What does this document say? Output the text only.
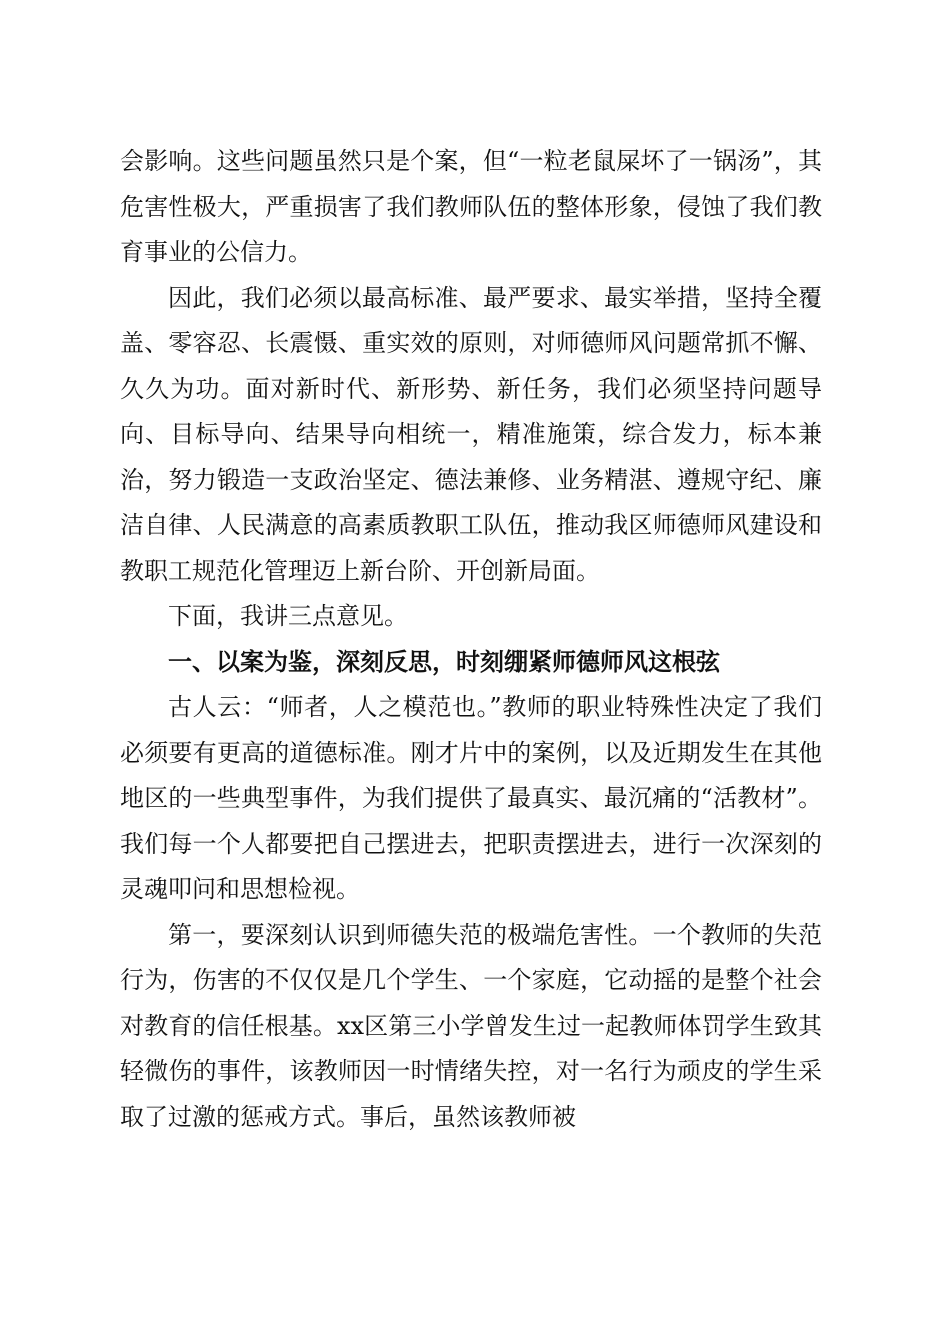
会影响。这些问题虽然只是个案，但“一粒老鼠屎坏了一锅汤”，其危害性极大，严重损害了我们教师队伍的整体形象，侵蚀了我们教育事业的公信力。

因此，我们必须以最高标准、最严要求、最实举措，坚持全覆盖、零容忍、长震慑、重实效的原则，对师德师风问题常抓不懈、久久为功。面对新时代、新形势、新任务，我们必须坚持问题导向、目标导向、结果导向相统一，精准施策，综合发力，标本兼治，努力锻造一支政治坚定、德法兼修、业务精湛、遵规守纪、廉洁自律、人民满意的高素质教职工队伍，推动我区师德师风建设和教职工规范化管理迈上新台阶、开创新局面。

下面，我讲三点意见。

一、以案为鉴，深刻反思，时刻绷紧师德师风这根弦

古人云：“师者，人之模范也。”教师的职业特殊性决定了我们必须要有更高的道德标准。刚才片中的案例，以及近期发生在其他地区的一些典型事件，为我们提供了最真实、最沉痛的“活教材”。我们每一个人都要把自己摆进去，把职责摆进去，进行一次深刻的灵魂叩问和思想检视。

第一，要深刻认识到师德失范的极端危害性。一个教师的失范行为，伤害的不仅仅是几个学生、一个家庭，它动摇的是整个社会对教育的信任根基。xx区第三小学曾发生过一起教师体罚学生致其轻微伤的事件，该教师因一时情绪失控，对一名行为顽皮的学生采取了过激的惩戒方式。事后，虽然该教师被
